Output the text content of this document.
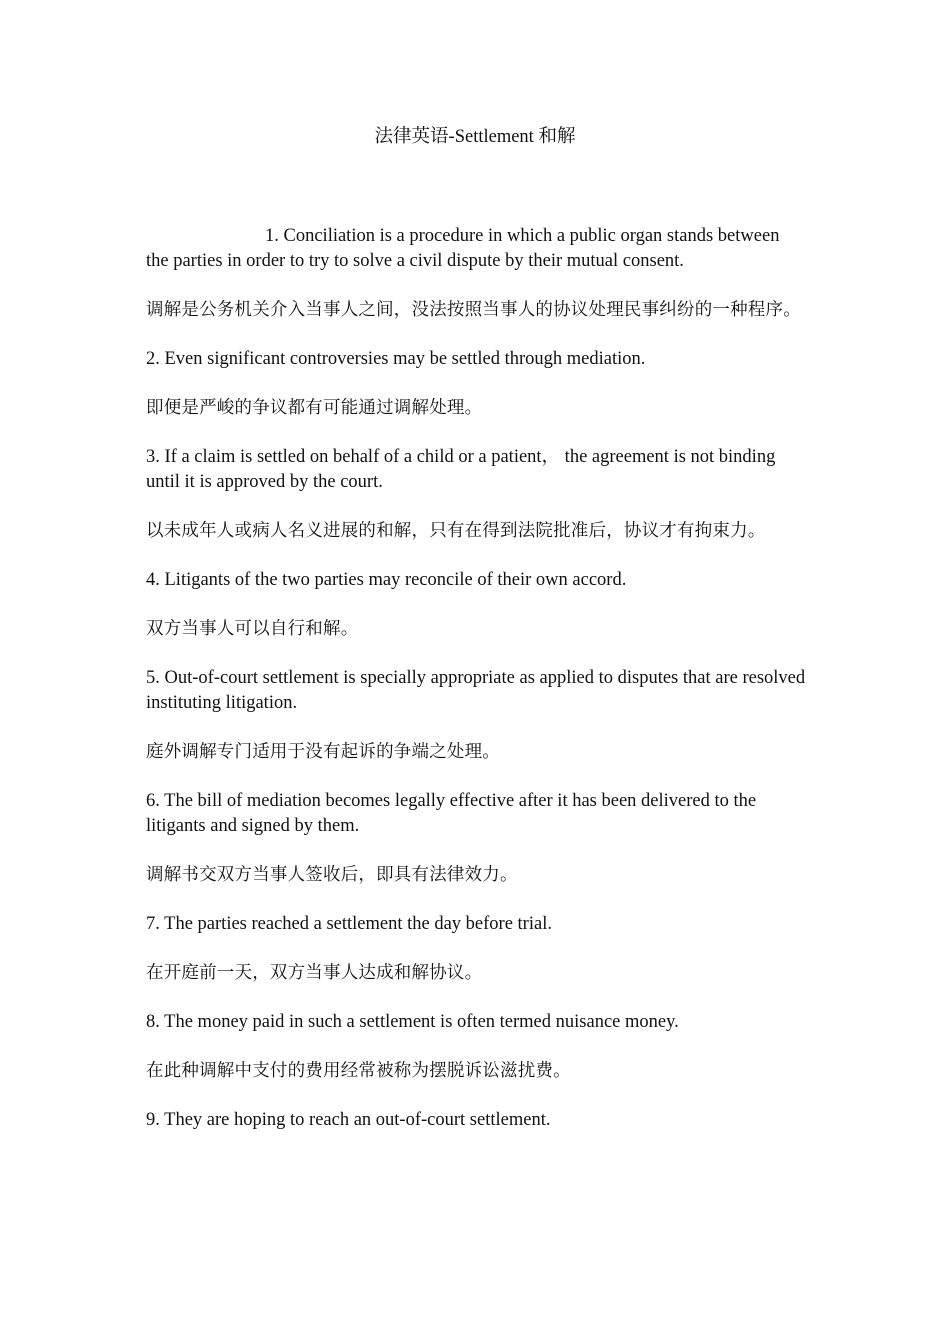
法律英语-Settlement 和解

1. Conciliation is a procedure in which a public organ stands between the parties in order to try to solve a civil dispute by their mutual consent.

调解是公务机关介入当事人之间，没法按照当事人的协议处理民事纠纷的一种程序。

2. Even significant controversies may be settled through mediation.

即便是严峻的争议都有可能通过调解处理。

3. If a claim is settled on behalf of a child or a patient， the agreement is not binding until it is approved by the court.

以未成年人或病人名义进展的和解，只有在得到法院批准后，协议才有拘束力。

4. Litigants of the two parties may reconcile of their own accord.

双方当事人可以自行和解。

5. Out-of-court settlement is specially appropriate as applied to disputes that are resolved instituting litigation.

庭外调解专门适用于没有起诉的争端之处理。

6. The bill of mediation becomes legally effective after it has been delivered to the litigants and signed by them.

调解书交双方当事人签收后，即具有法律效力。

7. The parties reached a settlement the day before trial.

在开庭前一天，双方当事人达成和解协议。

8. The money paid in such a settlement is often termed nuisance money.

在此种调解中支付的费用经常被称为摆脱诉讼滋扰费。

9. They are hoping to reach an out-of-court settlement.
